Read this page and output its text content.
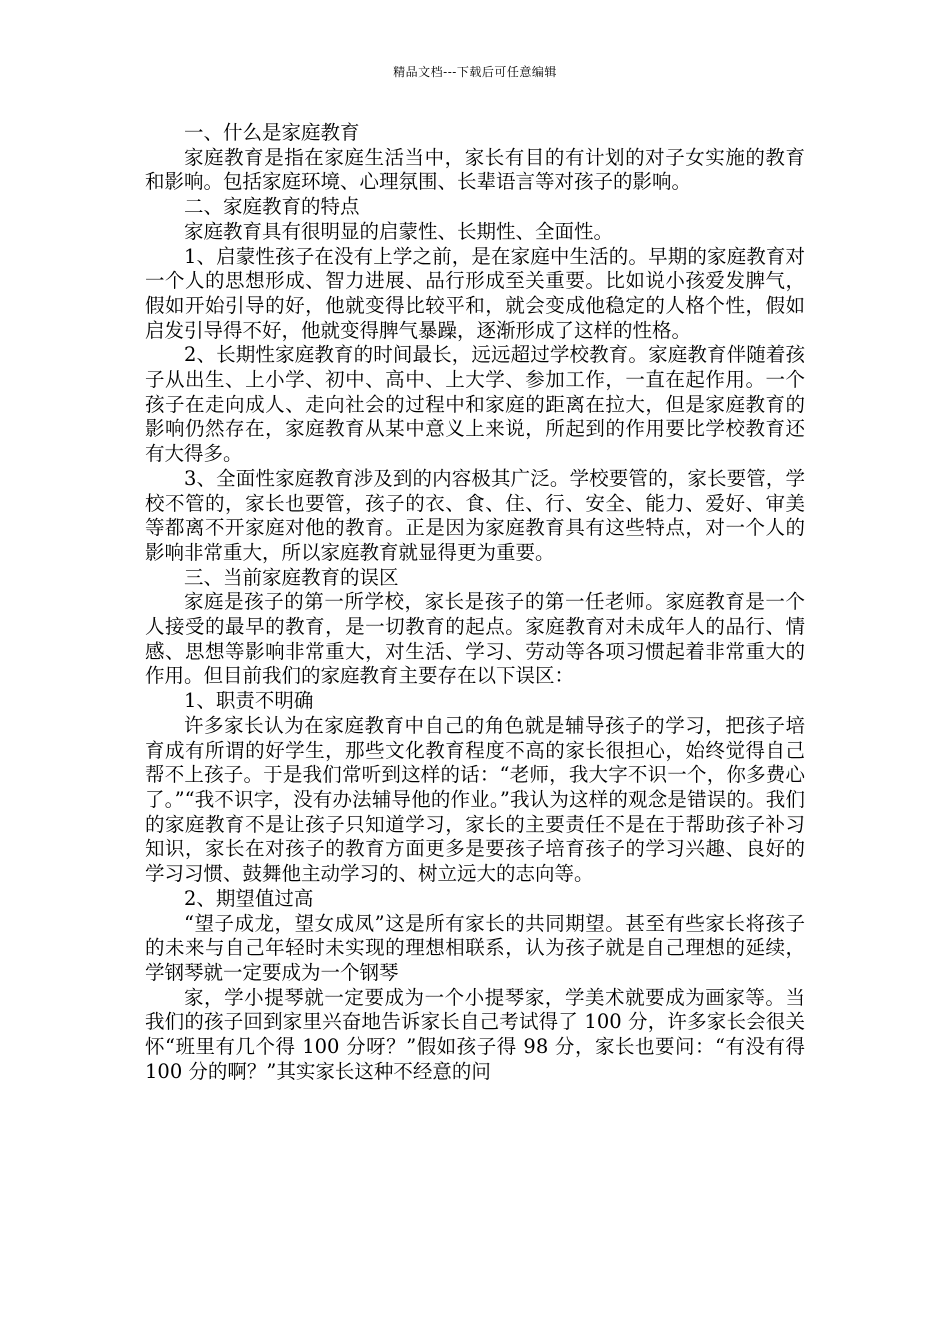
精品文档---下载后可任意编辑

一、什么是家庭教育

家庭教育是指在家庭生活当中，家长有目的有计划的对子女实施的教育和影响。包括家庭环境、心理氛围、长辈语言等对孩子的影响。

二、家庭教育的特点

家庭教育具有很明显的启蒙性、长期性、全面性。

1、启蒙性孩子在没有上学之前，是在家庭中生活的。早期的家庭教育对一个人的思想形成、智力进展、品行形成至关重要。比如说小孩爱发脾气，假如开始引导的好，他就变得比较平和，就会变成他稳定的人格个性，假如启发引导得不好，他就变得脾气暴躁，逐渐形成了这样的性格。

2、长期性家庭教育的时间最长，远远超过学校教育。家庭教育伴随着孩子从出生、上小学、初中、高中、上大学、参加工作，一直在起作用。一个孩子在走向成人、走向社会的过程中和家庭的距离在拉大，但是家庭教育的影响仍然存在，家庭教育从某中意义上来说，所起到的作用要比学校教育还有大得多。

3、全面性家庭教育涉及到的内容极其广泛。学校要管的，家长要管，学校不管的，家长也要管，孩子的衣、食、住、行、安全、能力、爱好、审美等都离不开家庭对他的教育。正是因为家庭教育具有这些特点，对一个人的影响非常重大，所以家庭教育就显得更为重要。

三、当前家庭教育的误区

家庭是孩子的第一所学校，家长是孩子的第一任老师。家庭教育是一个人接受的最早的教育，是一切教育的起点。家庭教育对未成年人的品行、情感、思想等影响非常重大，对生活、学习、劳动等各项习惯起着非常重大的作用。但目前我们的家庭教育主要存在以下误区：

1、职责不明确

许多家长认为在家庭教育中自己的角色就是辅导孩子的学习，把孩子培育成有所谓的好学生，那些文化教育程度不高的家长很担心，始终觉得自己帮不上孩子。于是我们常听到这样的话：“老师，我大字不识一个，你多费心了。”“我不识字，没有办法辅导他的作业。”我认为这样的观念是错误的。我们的家庭教育不是让孩子只知道学习，家长的主要责任不是在于帮助孩子补习知识，家长在对孩子的教育方面更多是要孩子培育孩子的学习兴趣、良好的学习习惯、鼓舞他主动学习的、树立远大的志向等。

2、期望值过高

“望子成龙，望女成凤”这是所有家长的共同期望。甚至有些家长将孩子的未来与自己年轻时未实现的理想相联系，认为孩子就是自己理想的延续，学钢琴就一定要成为一个钢琴

家，学小提琴就一定要成为一个小提琴家，学美术就要成为画家等。当我们的孩子回到家里兴奋地告诉家长自己考试得了 100 分，许多家长会很关怀“班里有几个得 100 分呀？”假如孩子得 98 分，家长也要问：“有没有得 100 分的啊？”其实家长这种不经意的问
